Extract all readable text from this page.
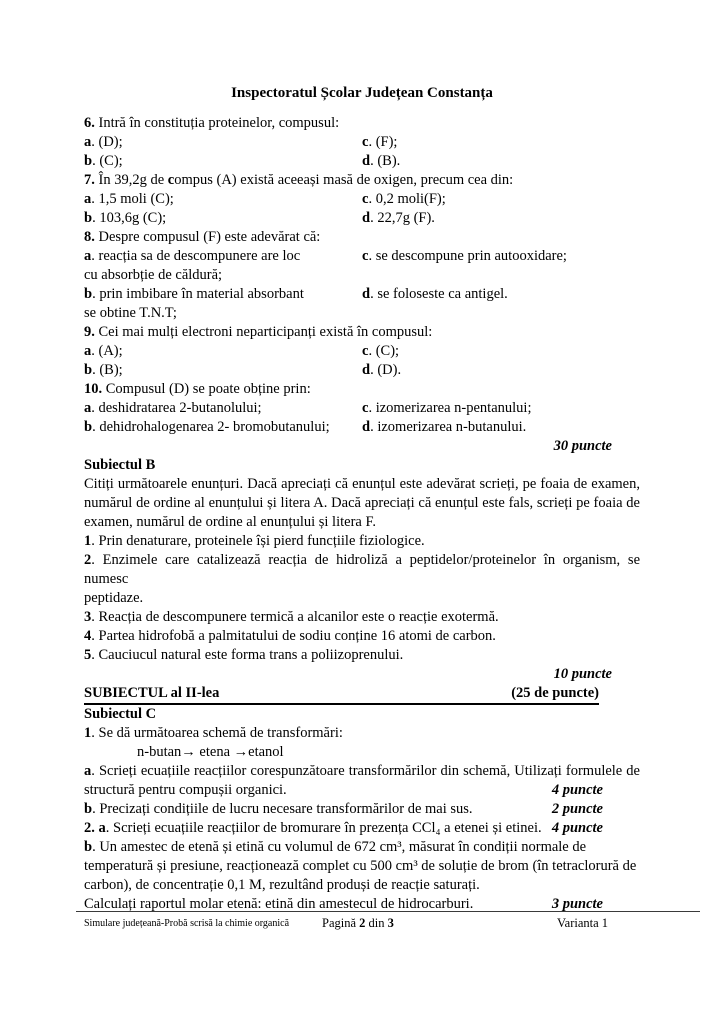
Inspectoratul Școlar Județean Constanța
6. Intră în constituția proteinelor, compusul:
a. (D);	c. (F);
b. (C);	d. (B).
7. În 39,2g de compus (A) există aceeași masă de oxigen, precum cea din:
a. 1,5 moli (C);	c. 0,2 moli(F);
b. 103,6g (C);	d. 22,7g (F).
8. Despre compusul (F) este adevărat că:
a. reacția sa de descompunere are loc	c. se descompune prin autooxidare;
cu absorbție de căldură;
b. prin imbibare în material absorbant	d. se foloseste ca antigel.
se obtine T.N.T;
9. Cei mai mulți electroni neparticipanți există în compusul:
a. (A);	c. (C);
b. (B);	d. (D).
10. Compusul (D) se poate obține prin:
a. deshidratarea 2-butanolului;	c. izomerizarea n-pentanului;
b. dehidrohalogenarea 2- bromobutanului;	d. izomerizarea n-butanului.
30 puncte
Subiectul B
Citiți următoarele enunțuri. Dacă apreciați că enunțul este adevărat scrieți, pe foaia de examen,
numărul de ordine al enunțului și litera A. Dacă apreciați că enunțul este fals, scrieți pe foaia de
examen, numărul de ordine al enunțului și litera F.
1. Prin denaturare, proteinele își pierd funcțiile fiziologice.
2. Enzimele care catalizează reacția de hidroliză a peptidelor/proteinelor în organism, se numesc
peptidaze.
3. Reacția de descompunere termică a alcanilor este o reacție exotermă.
4. Partea hidrofobă a palmitatului de sodiu conține 16 atomi de carbon.
5. Cauciucul natural este forma trans a poliizoprenului.
10 puncte
SUBIECTUL al II-lea	(25 de puncte)
Subiectul C
1. Se dă următoarea schemă de transformări:
n-butan→ etena →etanol
a. Scrieți ecuațiile reacțiilor corespunzătoare transformărilor din schemă, Utilizați formulele de
structură pentru compușii organici.	4 puncte
b. Precizați condițiile de lucru necesare transformărilor de mai sus.	2 puncte
2. a. Scrieți ecuațiile reacțiilor de bromurare în prezența CCl₄ a etenei și etinei. 4 puncte
b. Un amestec de etenă și etină cu volumul de 672 cm³, măsurat în condiții normale de
temperatură și presiune, reacționează complet cu 500 cm³ de soluție de brom (în tetraclorură de
carbon), de concentrație 0,1 M, rezultând produși de reacție saturați.
Calculați raportul molar etenă: etină din amestecul de hidrocarburi.	3 puncte
Simulare județeană-Probă scrisă la chimie organică	Pagină 2 din 3	Varianta 1
